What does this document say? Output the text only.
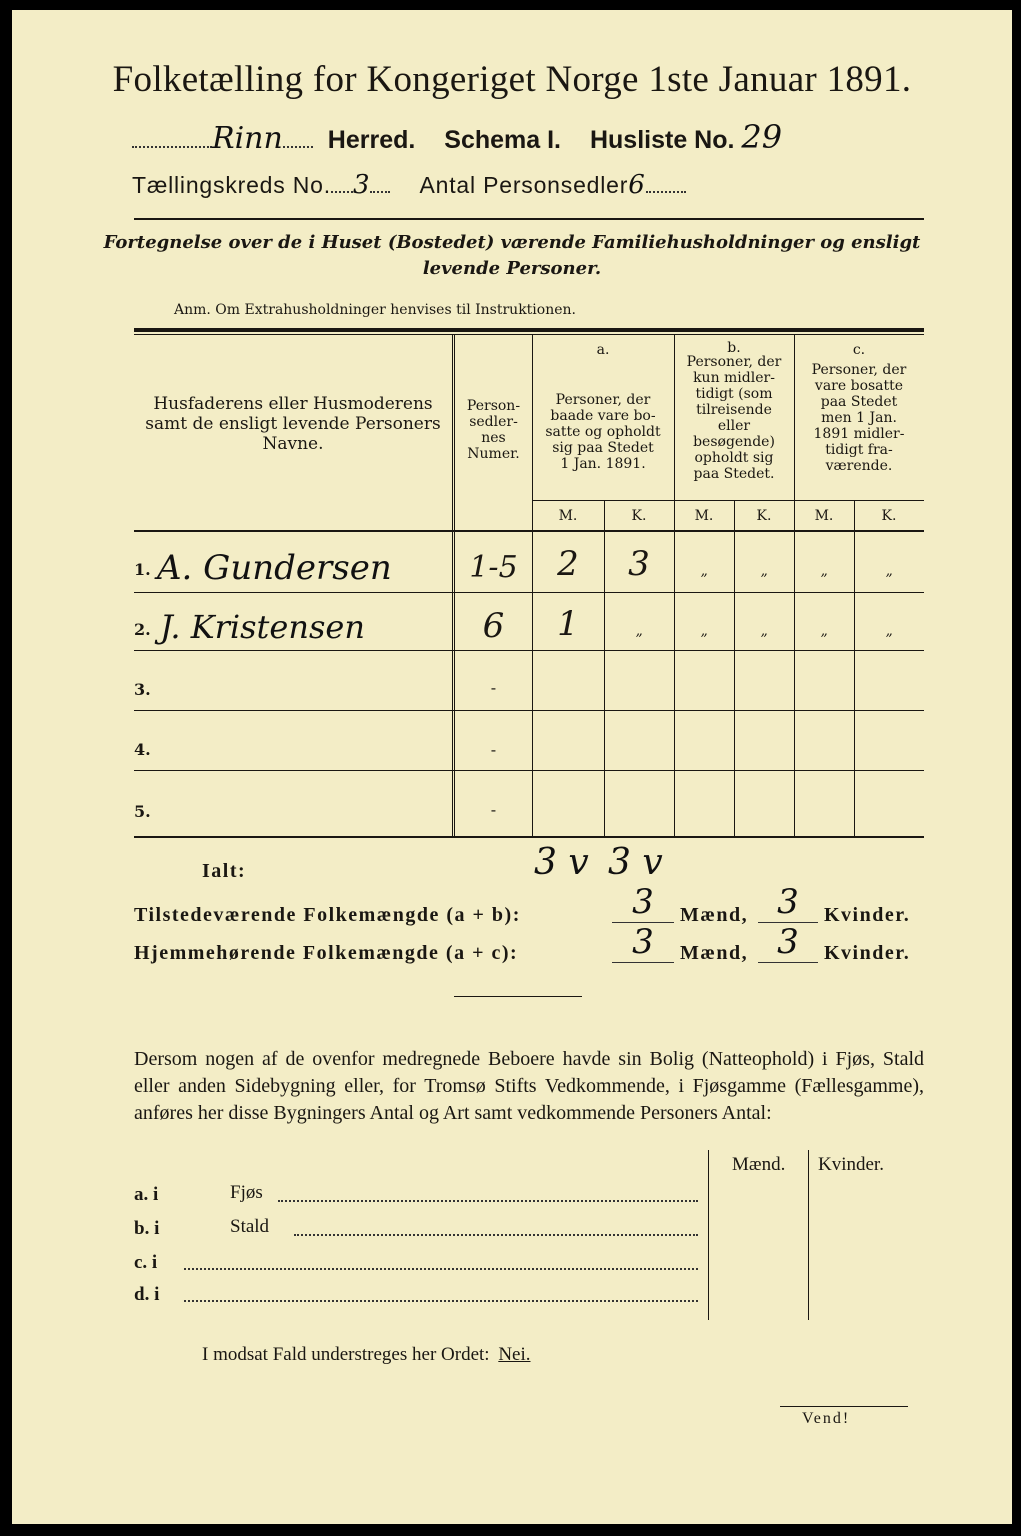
Folketælling for Kongeriget Norge 1ste Januar 1891.
Rinn Herred. Schema I. Husliste No. 29
Tællingskreds No. 3 Antal Personsedler6
Fortegnelse over de i Huset (Bostedet) værende Familiehusholdninger og ensligt
levende Personer.
Anm. Om Extrahusholdninger henvises til Instruktionen.
Husfaderens eller Husmoderens samt de ensligt levende Personers Navne.
Person-
sedler-
nes
Numer.
a.
Personer, der
baade vare bo-
satte og opholdt
sig paa Stedet
1 Jan. 1891.
b.
Personer, der
kun midler-
tidigt (som
tilreisende
eller
besøgende)
opholdt sig
paa Stedet.
c.
Personer, der
vare bosatte
paa Stedet
men 1 Jan.
1891 midler-
tidigt fra-
værende.
M.	K.	M.	K.	M.	K.
1. A. Gundersen	1-5	2	3	”	”	”	”
2. J. Kristensen	6	1	”	”	”	”	”
3.	-
4.	-
5.	-
Ialt:	3 v 3 v
Tilstedeværende Folkemængde (a + b):	3	Mænd, 3	Kvinder.
Hjemmehørende Folkemængde (a + c):	3	Mænd, 3	Kvinder.
Dersom nogen af de ovenfor medregnede Beboere havde sin Bolig (Natteophold) i Fjøs, Stald eller anden Sidebygning eller, for Tromsø Stifts Vedkommende, i Fjøsgamme (Fællesgamme), anføres her disse Bygningers Antal og Art samt vedkommende Personers Antal:
Mænd. Kvinder.
a. i	Fjøs
b. i	Stald
c. i
d. i
I modsat Fald understreges her Ordet: Nei.
Vend!
